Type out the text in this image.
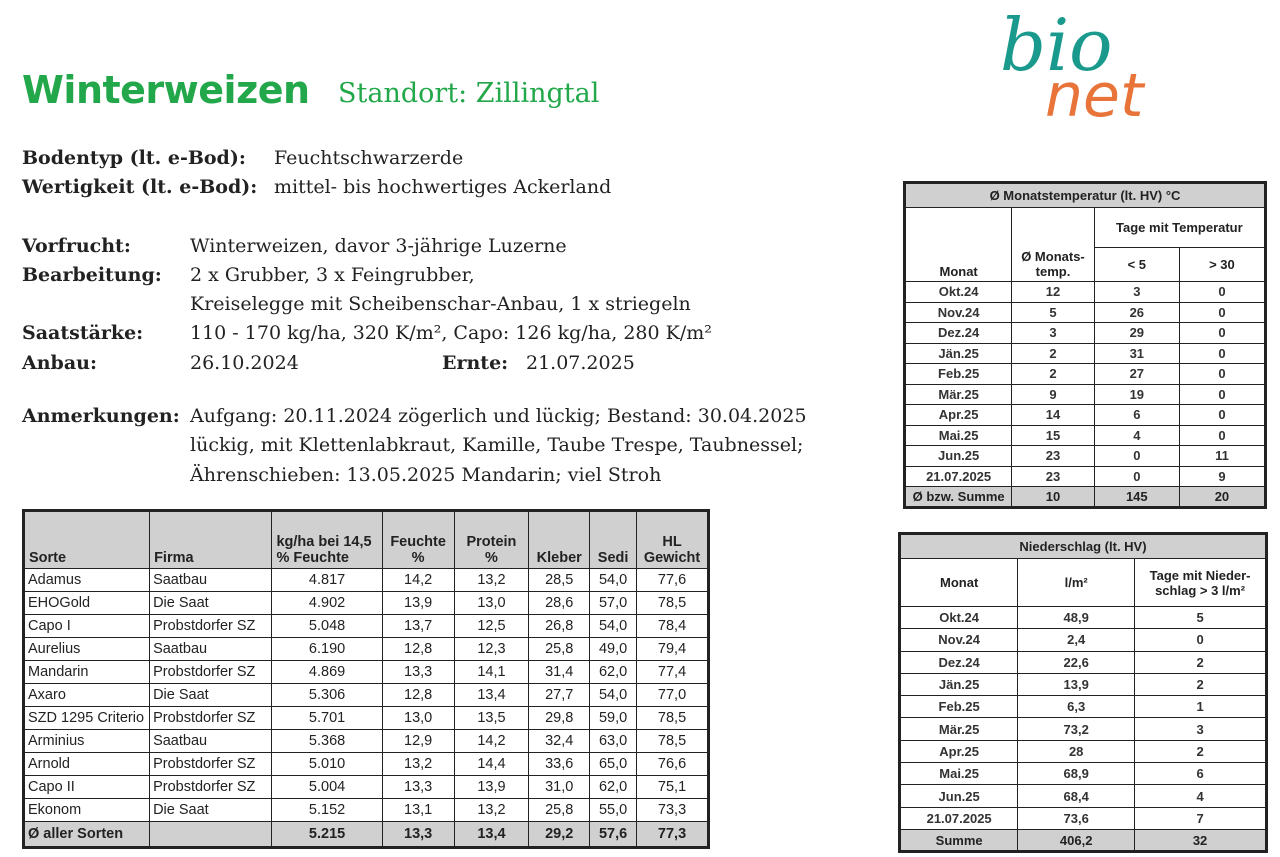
Winterweizen Standort: Zillingtal
bio
net
Bodentyp (lt. e-Bod): Feuchtschwarzerde
Wertigkeit (lt. e-Bod): mittel- bis hochwertiges Ackerland
Vorfrucht:	Winterweizen, davor 3-jährige Luzerne
Bearbeitung: 2 x Grubber, 3 x Feingrubber,
Kreiselegge mit Scheibenschar-Anbau, 1 x striegeln
Saatstärke: 110 - 170 kg/ha, 320 K/m², Capo: 126 kg/ha, 280 K/m²
Anbau:	26.10.2024	Ernte: 21.07.2025
Anmerkungen: Aufgang: 20.11.2024 zögerlich und lückig; Bestand: 30.04.2025
lückig, mit Klettenlabkraut, Kamille, Taube Trespe, Taubnessel;
Ährenschieben: 13.05.2025 Mandarin; viel Stroh
Sorte	Firma	kg/ha bei 14,5 % Feuchte	Feuchte %	Protein %	Kleber	Sedi	HL Gewicht
Adamus	Saatbau	4.817	14,2	13,2	28,5	54,0	77,6
EHOGold	Die Saat	4.902	13,9	13,0	28,6	57,0	78,5
Capo I	Probstdorfer SZ	5.048	13,7	12,5	26,8	54,0	78,4
Aurelius	Saatbau	6.190	12,8	12,3	25,8	49,0	79,4
Mandarin	Probstdorfer SZ	4.869	13,3	14,1	31,4	62,0	77,4
Axaro	Die Saat	5.306	12,8	13,4	27,7	54,0	77,0
SZD 1295 Criterio	Probstdorfer SZ	5.701	13,0	13,5	29,8	59,0	78,5
Arminius	Saatbau	5.368	12,9	14,2	32,4	63,0	78,5
Arnold	Probstdorfer SZ	5.010	13,2	14,4	33,6	65,0	76,6
Capo II	Probstdorfer SZ	5.004	13,3	13,9	31,0	62,0	75,1
Ekonom	Die Saat	5.152	13,1	13,2	25,8	55,0	73,3
Ø aller Sorten		5.215	13,3	13,4	29,2	57,6	77,3
Ø Monatstemperatur (lt. HV) °C			
Monat	Ø Monats- temp.	Tage mit Temperatur	
		< 5	> 30
Okt.24	12	3	0
Nov.24	5	26	0
Dez.24	3	29	0
Jän.25	2	31	0
Feb.25	2	27	0
Mär.25	9	19	0
Apr.25	14	6	0
Mai.25	15	4	0
Jun.25	23	0	11
21.07.2025	23	0	9
Ø bzw. Summe	10	145	20
Niederschlag (lt. HV)		
Monat	l/m²	Tage mit Nieder- schlag > 3 l/m²
Okt.24	48,9	5
Nov.24	2,4	0
Dez.24	22,6	2
Jän.25	13,9	2
Feb.25	6,3	1
Mär.25	73,2	3
Apr.25	28	2
Mai.25	68,9	6
Jun.25	68,4	4
21.07.2025	73,6	7
Summe	406,2	32
